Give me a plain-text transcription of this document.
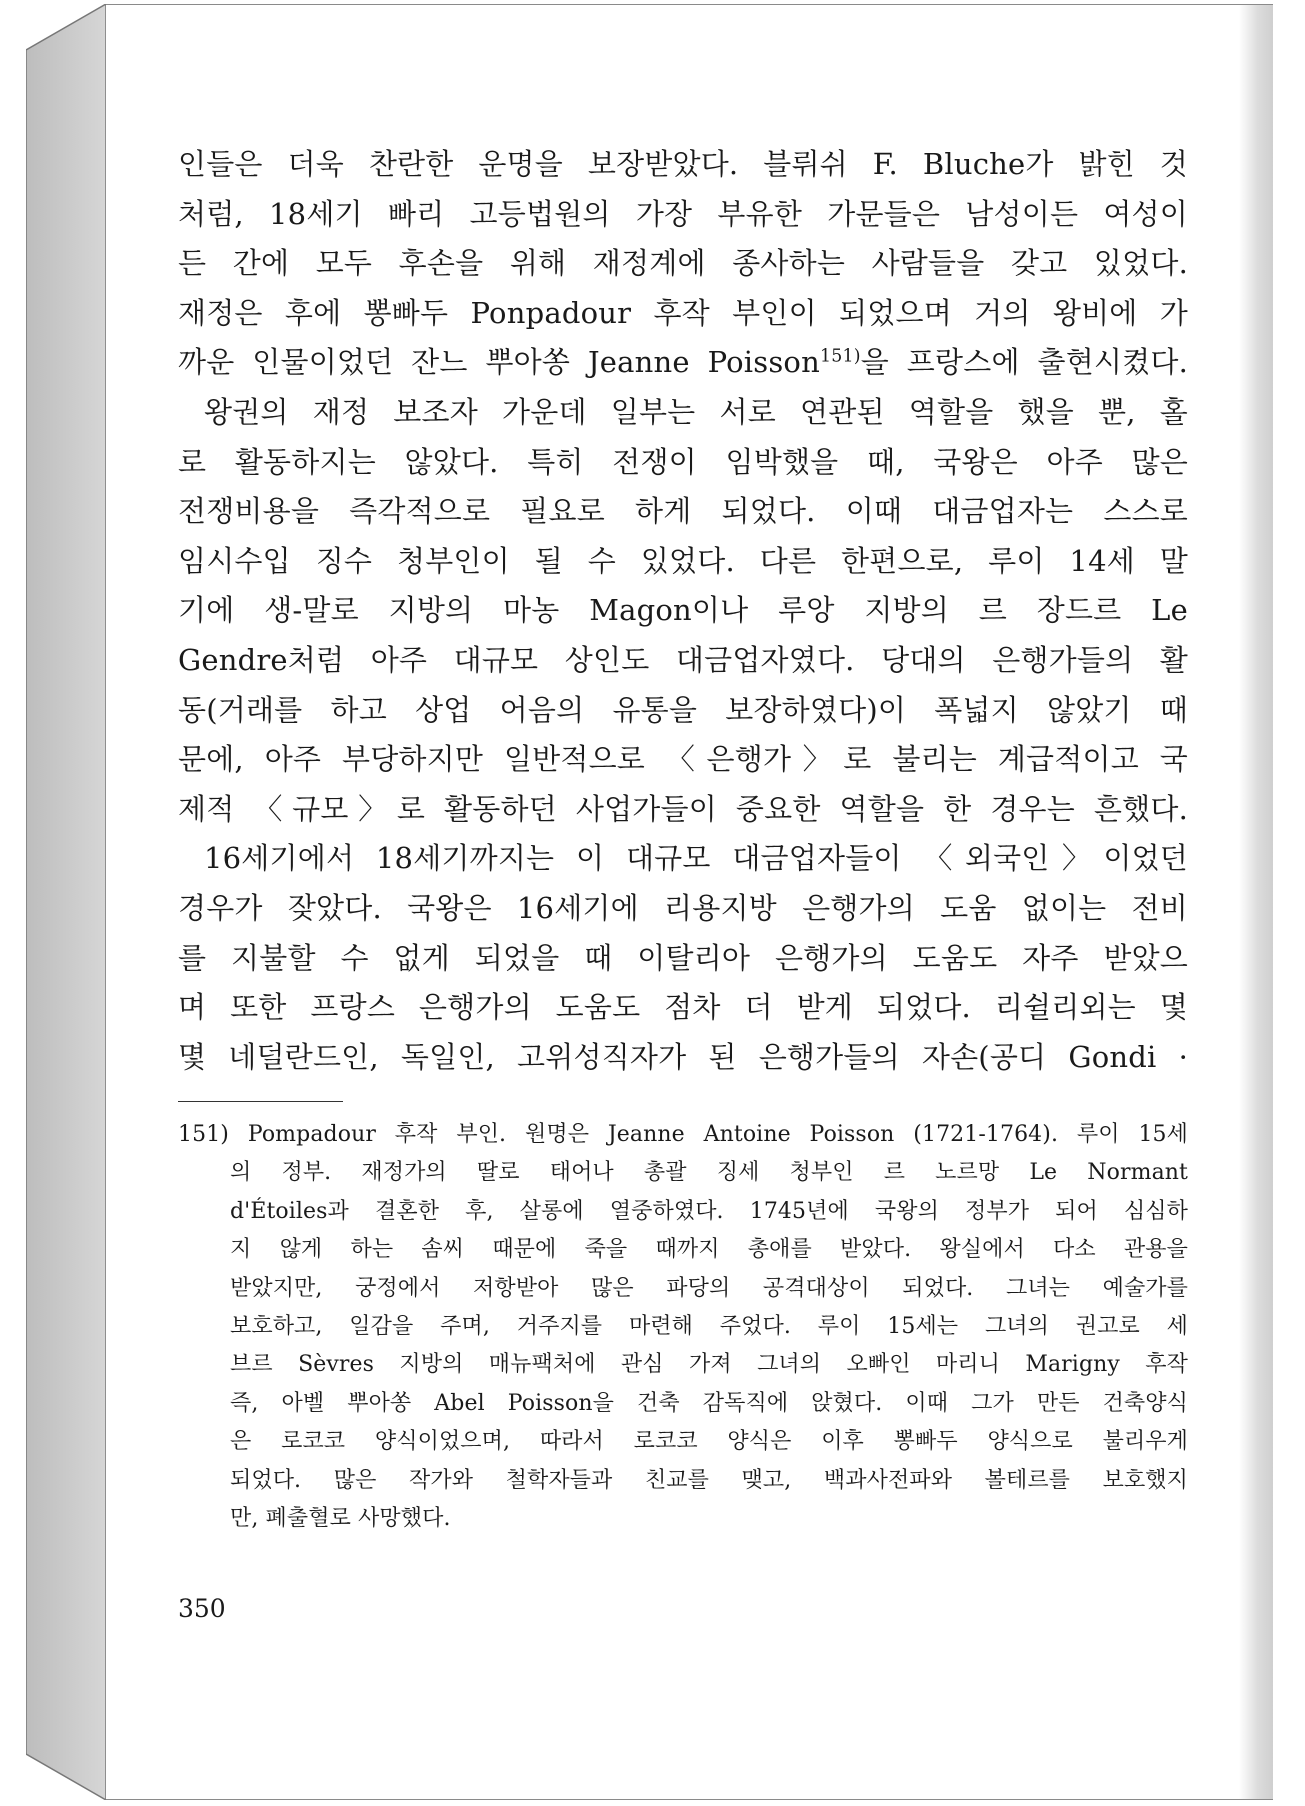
인들은 더욱 찬란한 운명을 보장받았다. 블뤼쉬 F. Bluche가 밝힌 것
처럼, 18세기 빠리 고등법원의 가장 부유한 가문들은 남성이든 여성이
든 간에 모두 후손을 위해 재정계에 종사하는 사람들을 갖고 있었다.
재정은 후에 뽕빠두 Ponpadour 후작 부인이 되었으며 거의 왕비에 가
까운 인물이었던 잔느 뿌아쏭 Jeanne Poisson$^{151)}$을 프랑스에 출현시켰다.
왕권의 재정 보조자 가운데 일부는 서로 연관된 역할을 했을 뿐, 홀
로 활동하지는 않았다. 특히 전쟁이 임박했을 때, 국왕은 아주 많은
전쟁비용을 즉각적으로 필요로 하게 되었다. 이때 대금업자는 스스로
임시수입 징수 청부인이 될 수 있었다. 다른 한편으로, 루이 14세 말
기에 생-말로 지방의 마농 Magon이나 루앙 지방의 르 장드르 Le
Gendre처럼 아주 대규모 상인도 대금업자였다. 당대의 은행가들의 활
동(거래를 하고 상업 어음의 유통을 보장하였다)이 폭넓지 않았기 때
문에, 아주 부당하지만 일반적으로 〈은행가〉로 불리는 계급적이고 국
제적 〈규모〉로 활동하던 사업가들이 중요한 역할을 한 경우는 흔했다.
16세기에서 18세기까지는 이 대규모 대금업자들이 〈외국인〉이었던
경우가 잦았다. 국왕은 16세기에 리용지방 은행가의 도움 없이는 전비
를 지불할 수 없게 되었을 때 이탈리아 은행가의 도움도 자주 받았으
며 또한 프랑스 은행가의 도움도 점차 더 받게 되었다. 리쉴리외는 몇
몇 네덜란드인, 독일인, 고위성직자가 된 은행가들의 자손(공디 Gondi ·
151) Pompadour 후작 부인. 원명은 Jeanne Antoine Poisson (1721-1764). 루이 15세
의 정부. 재정가의 딸로 태어나 총괄 징세 청부인 르 노르망 Le Normant
d'Étoiles과 결혼한 후, 살롱에 열중하였다. 1745년에 국왕의 정부가 되어 심심하
지 않게 하는 솜씨 때문에 죽을 때까지 총애를 받았다. 왕실에서 다소 관용을
받았지만, 궁정에서 저항받아 많은 파당의 공격대상이 되었다. 그녀는 예술가를
보호하고, 일감을 주며, 거주지를 마련해 주었다. 루이 15세는 그녀의 권고로 세
브르 Sèvres 지방의 매뉴팩처에 관심 가져 그녀의 오빠인 마리니 Marigny 후작
즉, 아벨 뿌아쏭 Abel Poisson을 건축 감독직에 앉혔다. 이때 그가 만든 건축양식
은 로코코 양식이었으며, 따라서 로코코 양식은 이후 뽕빠두 양식으로 불리우게
되었다. 많은 작가와 철학자들과 친교를 맺고, 백과사전파와 볼테르를 보호했지
만, 폐출혈로 사망했다.
350
